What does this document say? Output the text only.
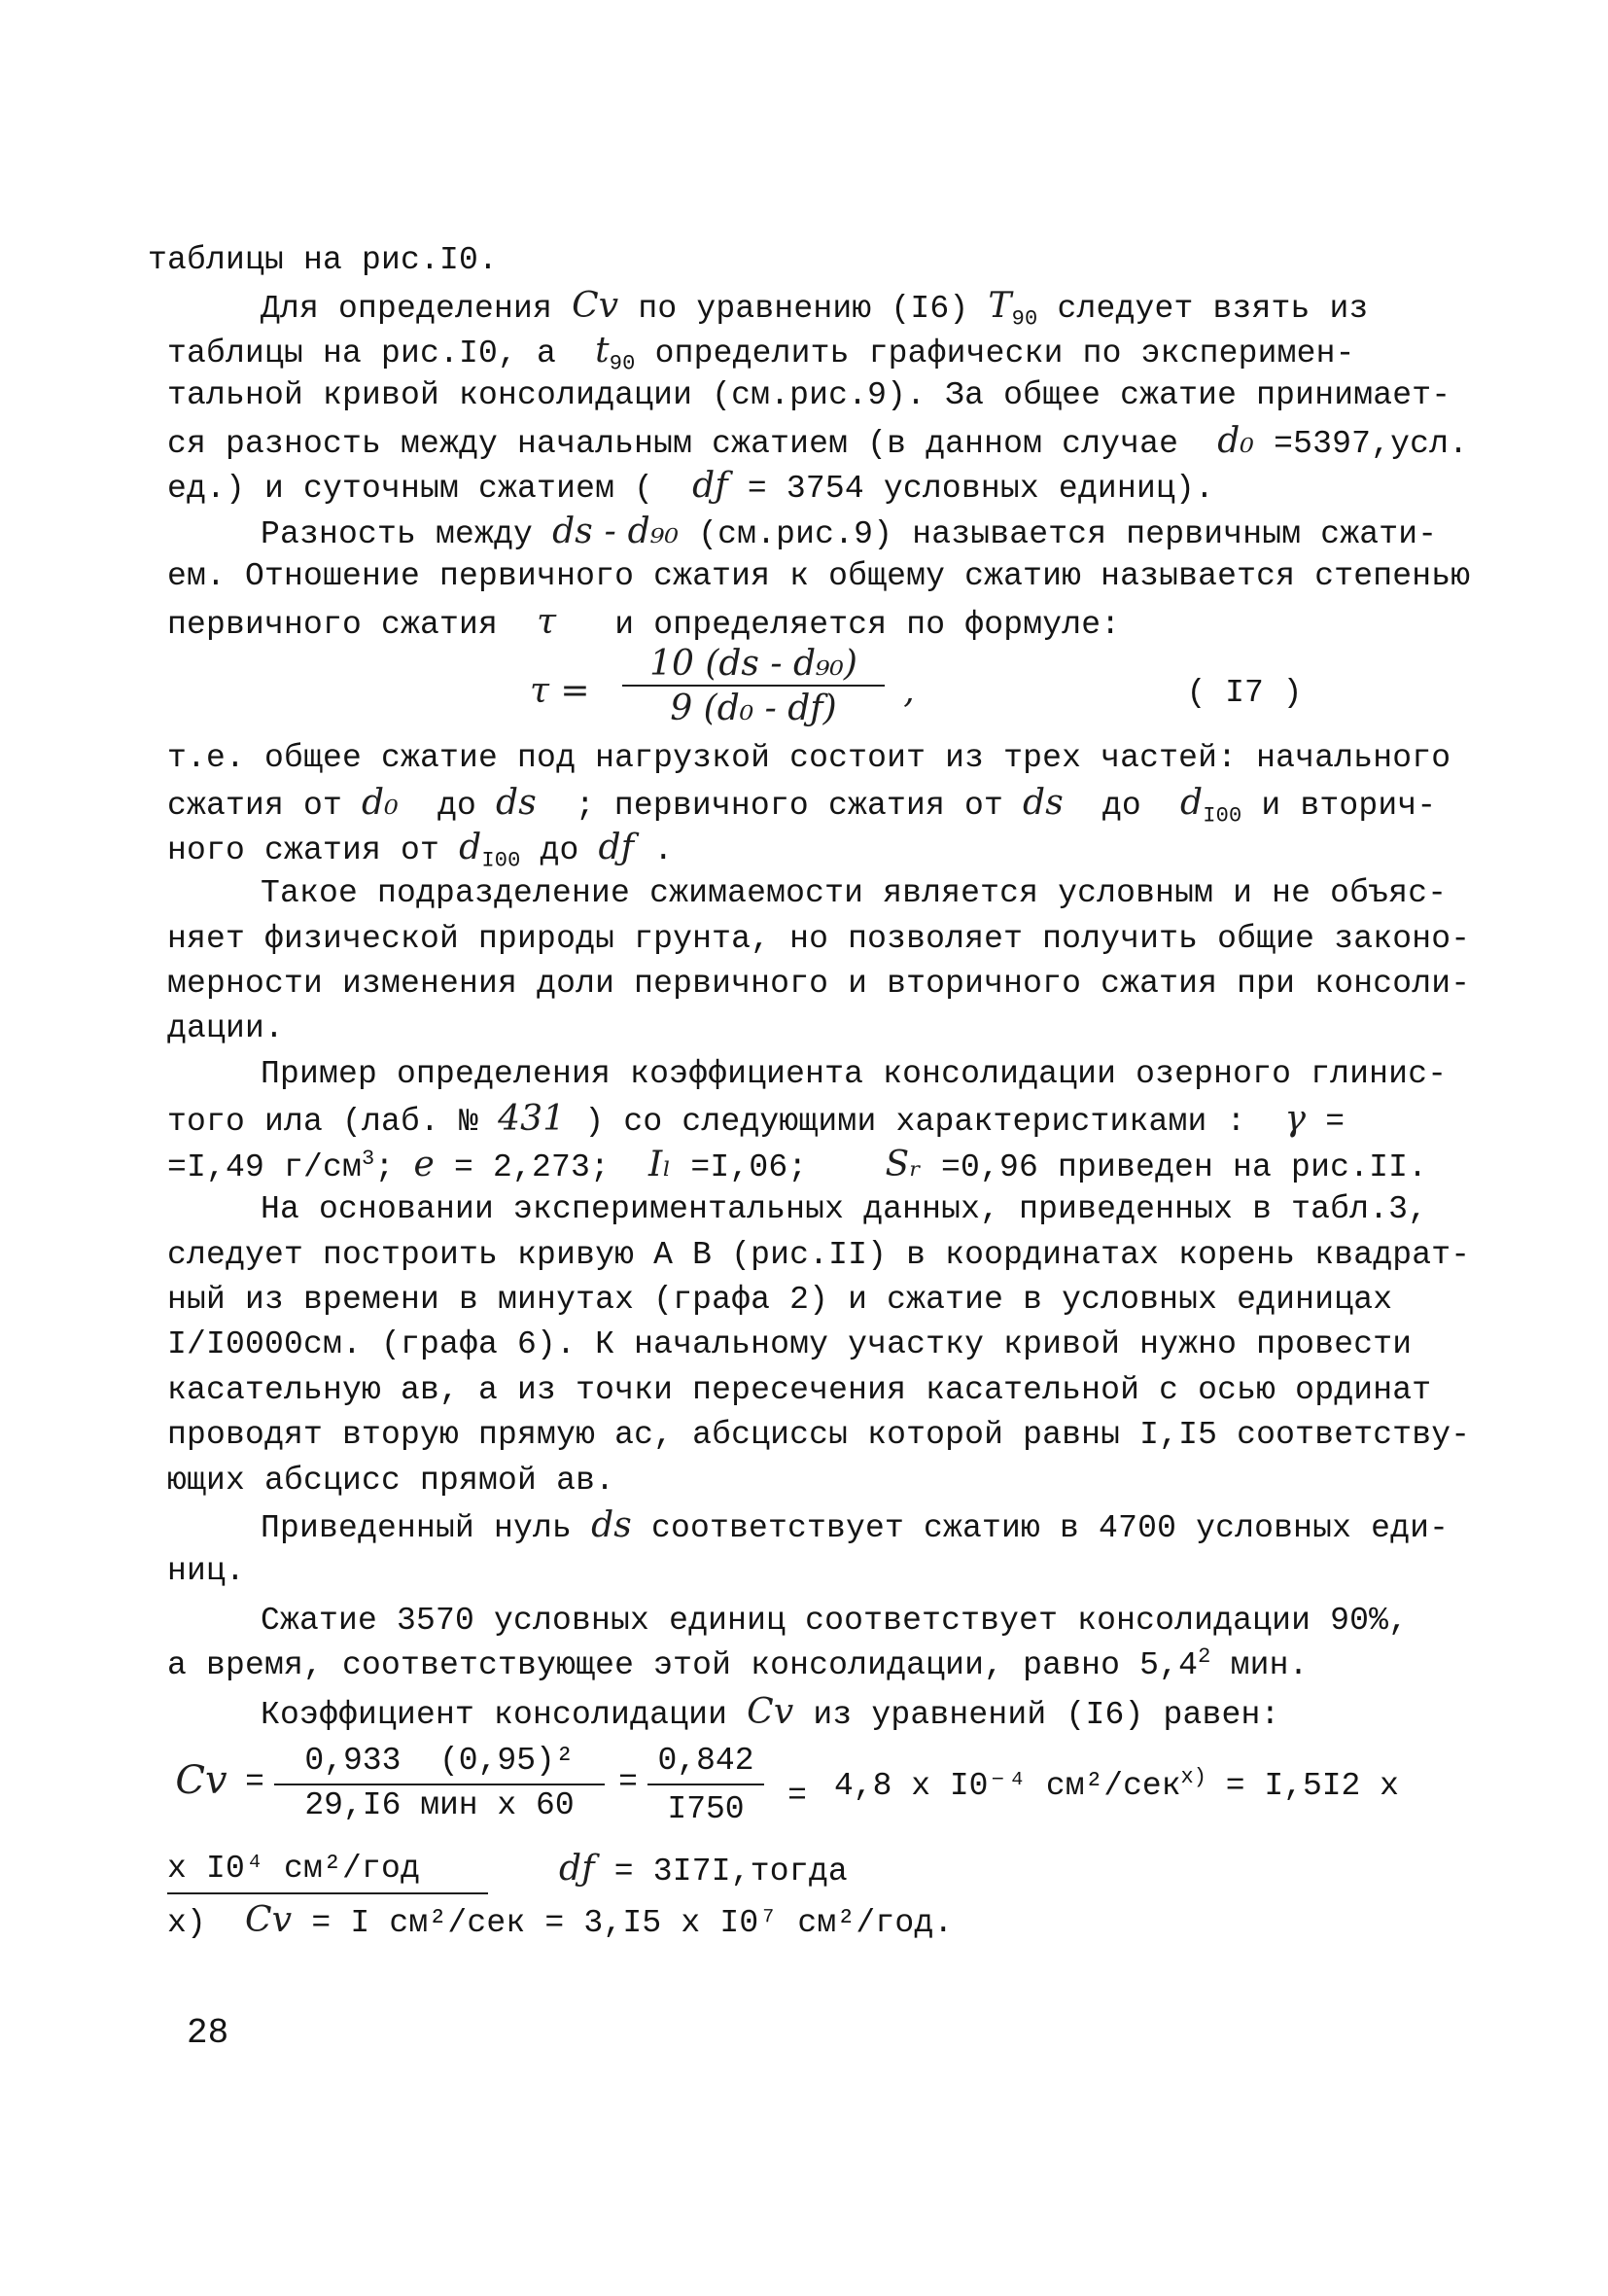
таблицы на рис.I0.
Для определения Cv по уравнению (I6) $T_{90}$ следует взять из
таблицы на рис.I0, а  $t_{90}$ определить графически по эксперимен-
тальной кривой консолидации (см.рис.9). За общее сжатие принимает-
ся разность между начальным сжатием (в данном случае  d₀ =5397,усл.
ед.) и суточным сжатием (  dƒ = 3754 условных единиц).
Разность между ds - d₉₀ (см.рис.9) называется первичным сжати-
ем. Отношение первичного сжатия к общему сжатию называется степенью
первичного сжатия  τ   и определяется по формуле:
τ =
10 (ds - d₉₀)
9 (d₀ - dƒ)	,	( I7 )
т.е. общее сжатие под нагрузкой состоит из трех частей: начального
сжатия от d₀  до ds  ; первичного сжатия от ds  до  $d_{I00}$ и вторич-
ного сжатия от $d_{I00}$ до dƒ .
Такое подразделение сжимаемости является условным и не объяс-
няет физической природы грунта, но позволяет получить общие законо-
мерности изменения доли первичного и вторичного сжатия при консоли-
дации.
Пример определения коэффициента консолидации озерного глинис-
того ила (лаб. № 431 ) со следующими характеристиками :  γ =
=I,49 $г/см^3$; e = 2,273;  Iₗ =I,06;    Sᵣ =0,96 приведен на рис.II.
На основании экспериментальных данных, приведенных в табл.3,
следует построить кривую А В (рис.II) в координатах корень квадрат-
ный из времени в минутах (графа 2) и сжатие в условных единицах
I/I0000см. (графа 6). К начальному участку кривой нужно провести
касательную ав, а из точки пересечения касательной с осью ординат
проводят вторую прямую ас, абсциссы которой равны I,I5 соответству-
ющих абсцисс прямой ав.
Приведенный нуль ds соответствует сжатию в 4700 условных еди-
ниц.
Сжатие 3570 условных единиц соответствует консолидации 90%,
а время, соответствующее этой консолидации, равно $5,4^2$ мин.
Коэффициент консолидации Cv из уравнений (I6) равен:
Cv =
0,933  (0,95)²
29,I6 мин x 60
=
0,842
I750	= 4,8 x I0⁻⁴ см²/сек$^{x)}$ = I,5I2 x
x I0⁴ см²/год	dƒ = 3I7I,тогда
x) Cv = I см²/сек = 3,I5 x I0⁷ см²/год.
28
